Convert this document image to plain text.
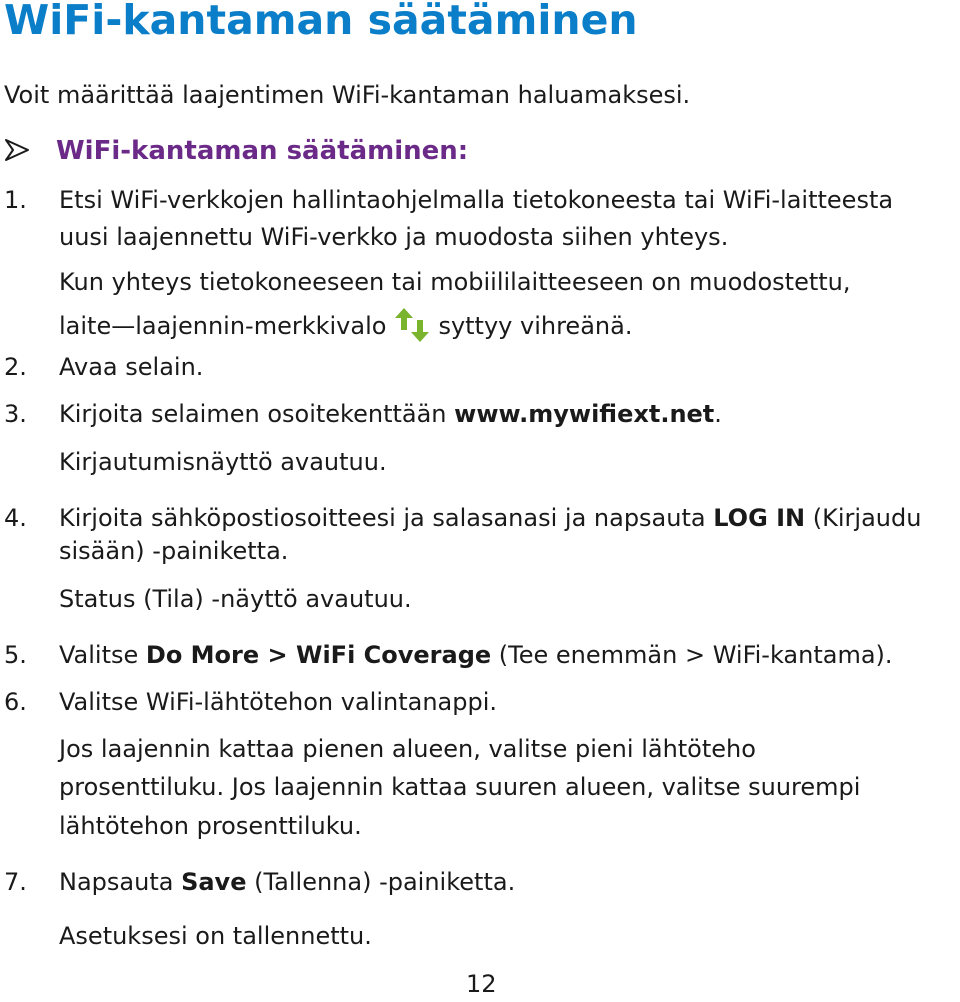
WiFi-kantaman säätäminen
Voit määrittää laajentimen WiFi-kantaman haluamaksesi.
WiFi-kantaman säätäminen:
1. Etsi WiFi-verkkojen hallintaohjelmalla tietokoneesta tai WiFi-laitteesta
uusi laajennettu WiFi-verkko ja muodosta siihen yhteys.
Kun yhteys tietokoneeseen tai mobiililaitteeseen on muodostettu,
laite—laajennin-merkkivalo syttyy vihreänä.
2. Avaa selain.
3. Kirjoita selaimen osoitekenttään www.mywifiext.net.
Kirjautumisnäyttö avautuu.
4. Kirjoita sähköpostiosoitteesi ja salasanasi ja napsauta LOG IN (Kirjaudu
sisään) -painiketta.
Status (Tila) -näyttö avautuu.
5. Valitse Do More > WiFi Coverage (Tee enemmän > WiFi-kantama).
6. Valitse WiFi-lähtötehon valintanappi.
Jos laajennin kattaa pienen alueen, valitse pieni lähtöteho
prosenttiluku. Jos laajennin kattaa suuren alueen, valitse suurempi
lähtötehon prosenttiluku.
7. Napsauta Save (Tallenna) -painiketta.
Asetuksesi on tallennettu.
12
